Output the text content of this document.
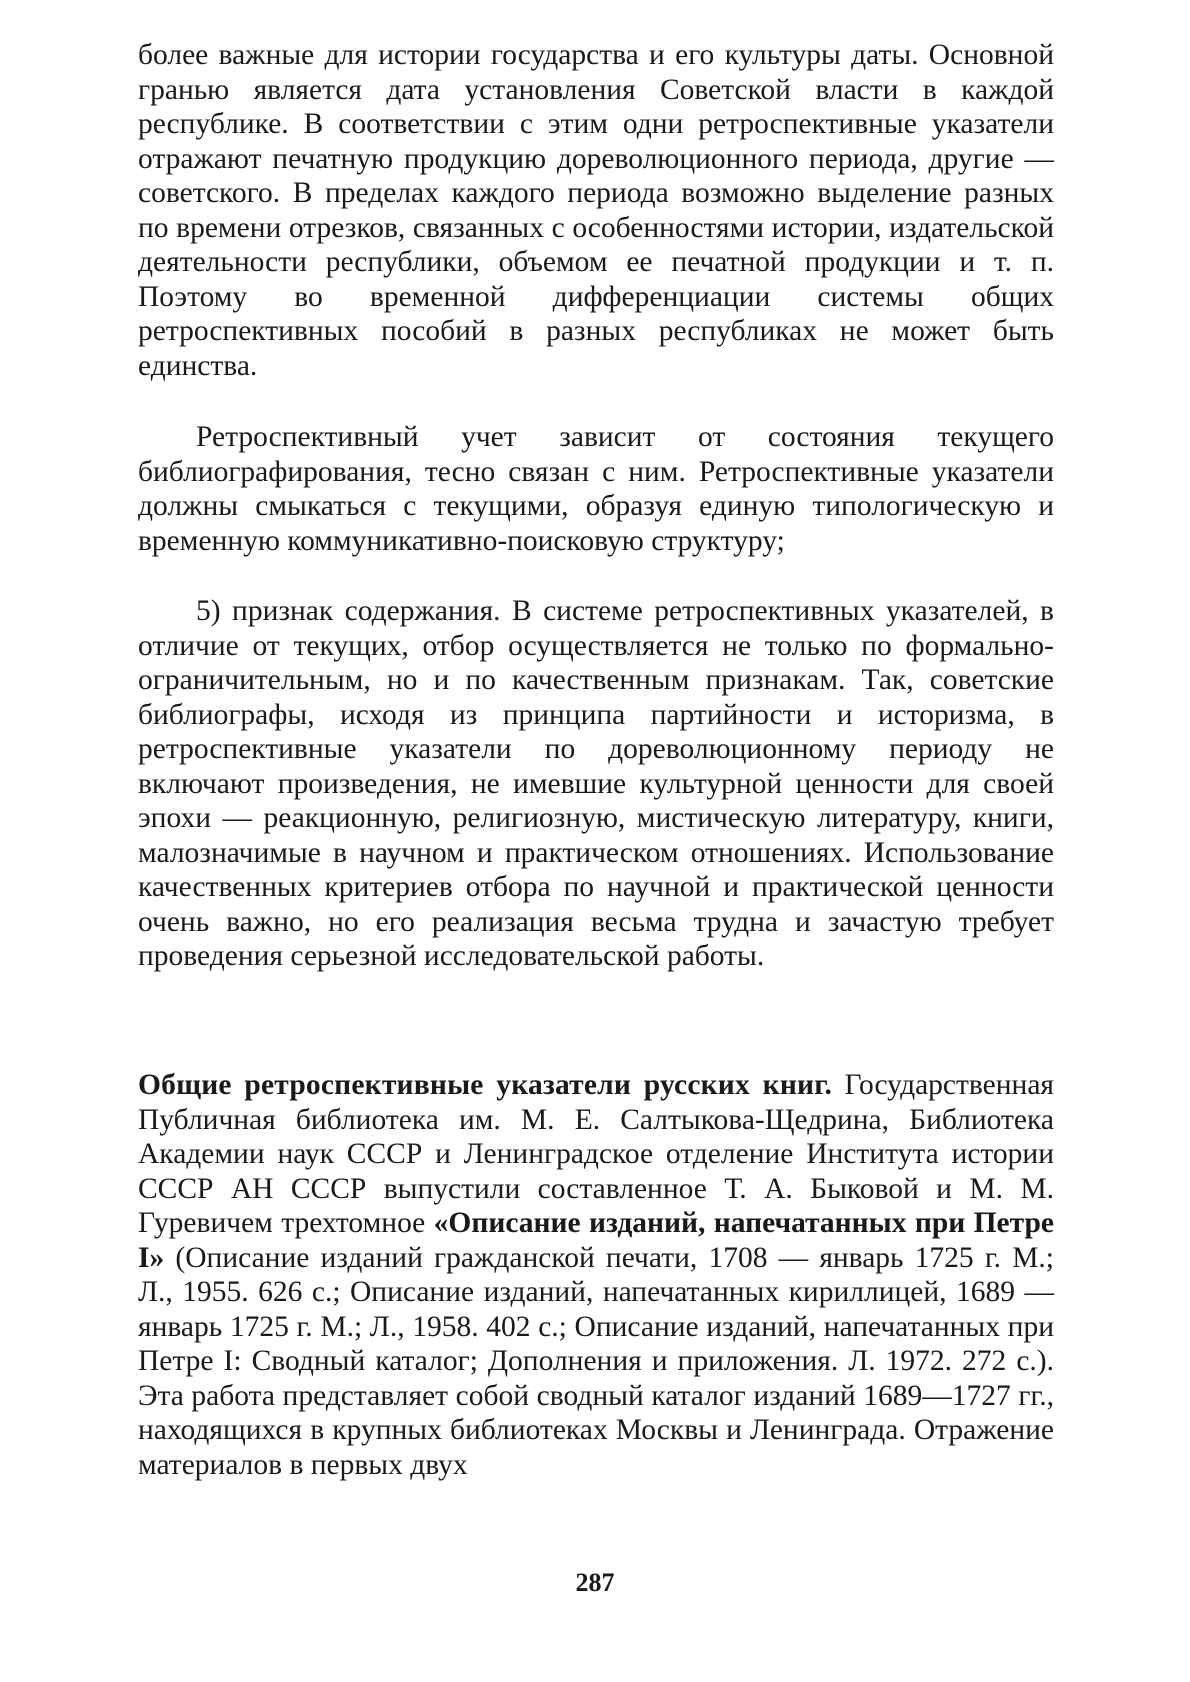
более важные для истории государства и его культуры даты. Основной гранью является дата установления Советской власти в каждой республике. В соответствии с этим одни ретроспективные указатели отражают печатную продукцию дореволюционного периода, другие — советского. В пределах каждого периода возможно выделение разных по времени отрезков, связанных с особенностями истории, издательской деятельности республики, объемом ее печатной продукции и т. п. Поэтому во временной дифференциации системы общих ретроспективных пособий в разных республиках не может быть единства.

Ретроспективный учет зависит от состояния текущего библиографирования, тесно связан с ним. Ретроспективные указатели должны смыкаться с текущими, образуя единую типологическую и временную коммуникативно-поисковую структуру;

5) признак содержания. В системе ретроспективных указателей, в отличие от текущих, отбор осуществляется не только по формально-ограничительным, но и по качественным признакам. Так, советские библиографы, исходя из принципа партийности и историзма, в ретроспективные указатели по дореволюционному периоду не включают произведения, не имевшие культурной ценности для своей эпохи — реакционную, религиозную, мистическую литературу, книги, малозначимые в научном и практическом отношениях. Использование качественных критериев отбора по научной и практической ценности очень важно, но его реализация весьма трудна и зачастую требует проведения серьезной исследовательской работы.

Общие ретроспективные указатели русских книг. Государственная Публичная библиотека им. М. Е. Салтыкова-Щедрина, Библиотека Академии наук СССР и Ленинградское отделение Института истории СССР АН СССР выпустили составленное Т. А. Быковой и М. М. Гуревичем трехтомное «Описание изданий, напечатанных при Петре I» (Описание изданий гражданской печати, 1708 — январь 1725 г. М.; Л., 1955. 626 с.; Описание изданий, напечатанных кириллицей, 1689 — январь 1725 г. М.; Л., 1958. 402 с.; Описание изданий, напечатанных при Петре I: Сводный каталог; Дополнения и приложения. Л. 1972. 272 с.). Эта работа представляет собой сводный каталог изданий 1689—1727 гг., находящихся в крупных библиотеках Москвы и Ленинграда. Отражение материалов в первых двух

287
